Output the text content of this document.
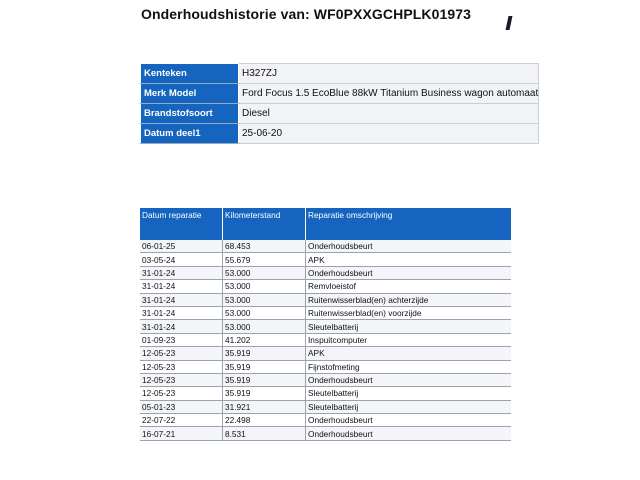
Onderhoudshistorie van: WF0PXXGCHPLK01973
Kenteken	H327ZJ
Merk Model	Ford Focus 1.5 EcoBlue 88kW Titanium Business wagon automaat
Brandstofsoort	Diesel
Datum deel1	25-06-20
Datum reparatie	Kilometerstand	Reparatie omschrijving
06-01-25	68.453	Onderhoudsbeurt
03-05-24	55.679	APK
31-01-24	53.000	Onderhoudsbeurt
31-01-24	53.000	Remvloeistof
31-01-24	53.000	Ruitenwisserblad(en) achterzijde
31-01-24	53.000	Ruitenwisserblad(en) voorzijde
31-01-24	53.000	Sleutelbatterij
01-09-23	41.202	Inspuitcomputer
12-05-23	35.919	APK
12-05-23	35.919	Fijnstofmeting
12-05-23	35.919	Onderhoudsbeurt
12-05-23	35.919	Sleutelbatterij
05-01-23	31.921	Sleutelbatterij
22-07-22	22.498	Onderhoudsbeurt
16-07-21	8.531	Onderhoudsbeurt
